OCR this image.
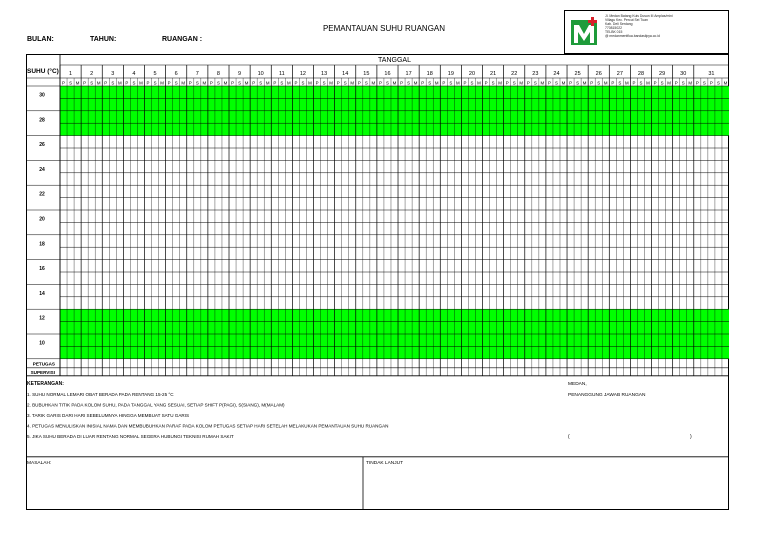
PEMANTAUAN SUHU RUANGAN
BULAN:	TAHUN:	RUANGAN :
Jl. Medan Batang Kuis Dusun III Amplas/mini
Villagu Kec. Percut Sei Tuan
Kab. Deli Serdang
770815022
TELBK 015
@ medanmentflua.bandasilpya.co.id
TANGGAL
SUHU (°C) 1	2	3	4	5	6	7	8	9	10	11	12	13	14	15	16	17	18	19	20	21	22	23	24	25	26	27	28	29	30	31
P S M P S M P S M P S M P S M P S M P S M P S M P S M P S M P S M P S M P S M P S M P S M P S M P S M P S M P S M P S M P S M P S M P S M P S M P S M P S M P S M P S M P S M P S M P S P S M
30
28
26
24
22
20
18
16
14
12
10
PETUGAS
SUPERVISI
KETERANGAN:
1. SUHU NORMAL LEMARI OBAT BERADA PADA RENTANG 15-25 °C
2. BUBUHKAN TITIK PADA KOLOM SUHU, PADA TANGGAL YANG SESUAI, SETIAP SHIFT P(PAGI), S(SIANG), M(MALAM)
3. TARIK GARIS DARI HARI SEBELUMNYA HINGGA MEMBUAT SATU GARIS
4. PETUGAS MENULISKAN INISIAL NAMA DAN MEMBUBUHKAN PARAF PADA KOLOM PETUGAS SETIAP HARI SETELAH MELAKUKAN PEMANTAUAN SUHU RUANGAN
5. JIKA SUHU BERADA DI LUAR RENTANG NORMAL SEGERA HUBUNGI TEKNISI RUMAH SAKIT
MEDAN,
PENANGGUNG JAWAB RUANGAN
(	)
MASALAH:	TINDAK LANJUT
